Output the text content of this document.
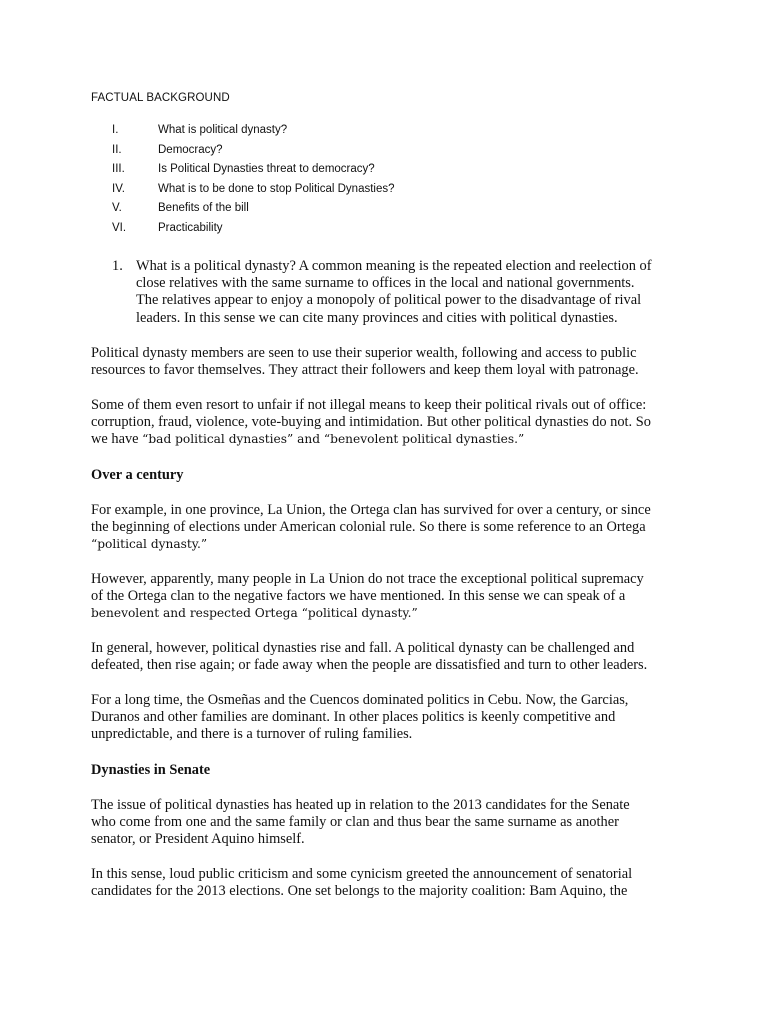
FACTUAL BACKGROUND
I.	What is political dynasty?
II.	Democracy?
III.	Is Political Dynasties threat to democracy?
IV.	What is to be done to stop Political Dynasties?
V.	Benefits of the bill
VI.	Practicability
1. What is a political dynasty? A common meaning is the repeated election and reelection of
close relatives with the same surname to offices in the local and national governments.
The relatives appear to enjoy a monopoly of political power to the disadvantage of rival
leaders. In this sense we can cite many provinces and cities with political dynasties.
Political dynasty members are seen to use their superior wealth, following and access to public
resources to favor themselves. They attract their followers and keep them loyal with patronage.
Some of them even resort to unfair if not illegal means to keep their political rivals out of office:
corruption, fraud, violence, vote-buying and intimidation. But other political dynasties do not. So
we have “bad political dynasties” and “benevolent political dynasties.”
Over a century
For example, in one province, La Union, the Ortega clan has survived for over a century, or since
the beginning of elections under American colonial rule. So there is some reference to an Ortega
“political dynasty.”
However, apparently, many people in La Union do not trace the exceptional political supremacy
of the Ortega clan to the negative factors we have mentioned. In this sense we can speak of a
benevolent and respected Ortega “political dynasty.”
In general, however, political dynasties rise and fall. A political dynasty can be challenged and
defeated, then rise again; or fade away when the people are dissatisfied and turn to other leaders.
For a long time, the Osmeñas and the Cuencos dominated politics in Cebu. Now, the Garcias,
Duranos and other families are dominant. In other places politics is keenly competitive and
unpredictable, and there is a turnover of ruling families.
Dynasties in Senate
The issue of political dynasties has heated up in relation to the 2013 candidates for the Senate
who come from one and the same family or clan and thus bear the same surname as another
senator, or President Aquino himself.
In this sense, loud public criticism and some cynicism greeted the announcement of senatorial
candidates for the 2013 elections. One set belongs to the majority coalition: Bam Aquino, the
